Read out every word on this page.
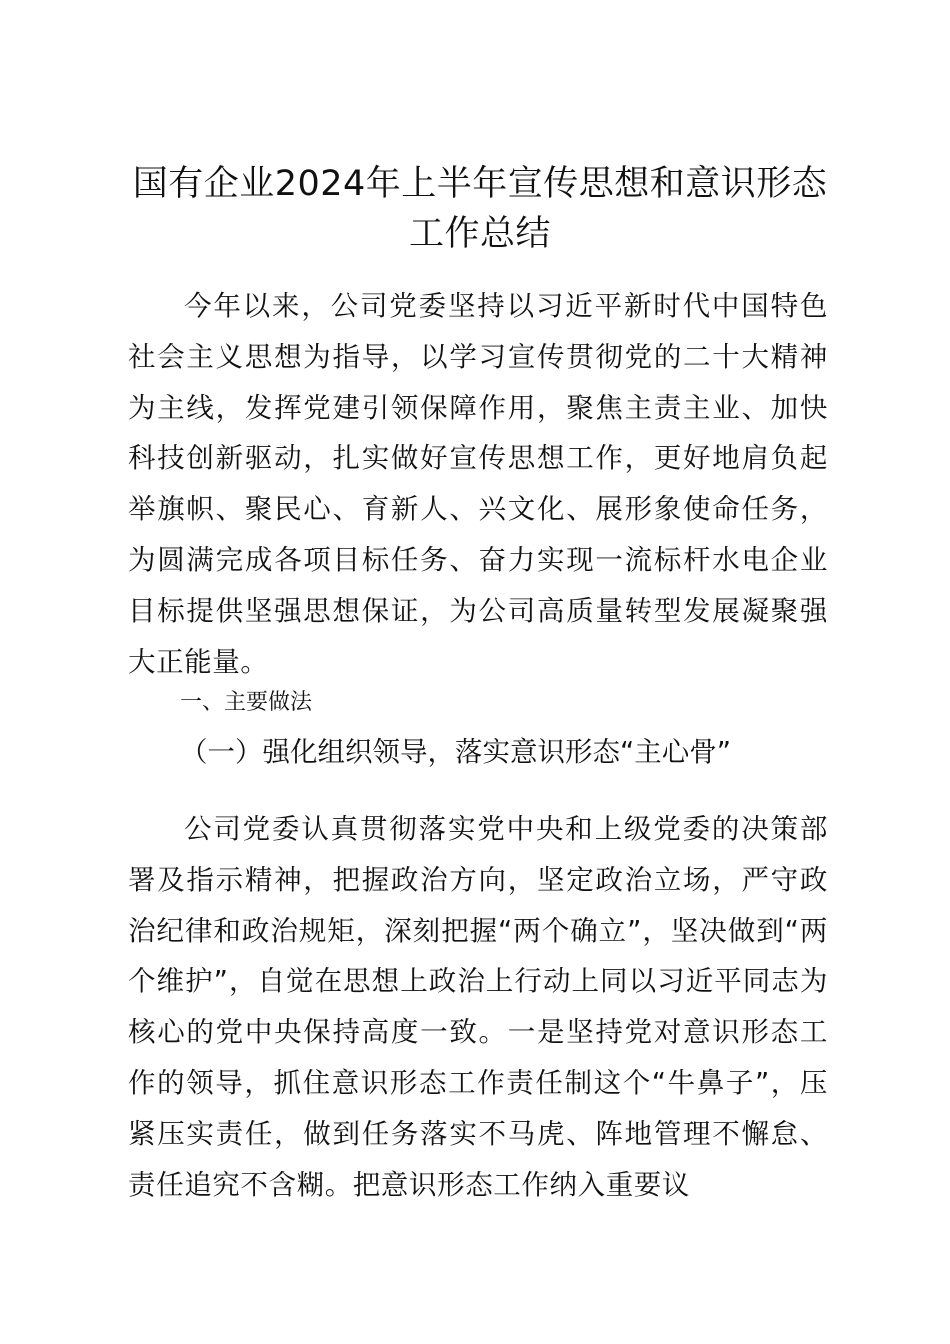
国有企业2024年上半年宣传思想和意识形态
工作总结

今年以来，公司党委坚持以习近平新时代中国特色社会主义思想为指导，以学习宣传贯彻党的二十大精神为主线，发挥党建引领保障作用，聚焦主责主业、加快科技创新驱动，扎实做好宣传思想工作，更好地肩负起举旗帜、聚民心、育新人、兴文化、展形象使命任务，为圆满完成各项目标任务、奋力实现一流标杆水电企业目标提供坚强思想保证，为公司高质量转型发展凝聚强大正能量。

一、主要做法
（一）强化组织领导，落实意识形态“主心骨”

公司党委认真贯彻落实党中央和上级党委的决策部署及指示精神，把握政治方向，坚定政治立场，严守政治纪律和政治规矩，深刻把握“两个确立”，坚决做到“两个维护”，自觉在思想上政治上行动上同以习近平同志为核心的党中央保持高度一致。一是坚持党对意识形态工作的领导，抓住意识形态工作责任制这个“牛鼻子”，压紧压实责任，做到任务落实不马虎、阵地管理不懈怠、责任追究不含糊。把意识形态工作纳入重要议
